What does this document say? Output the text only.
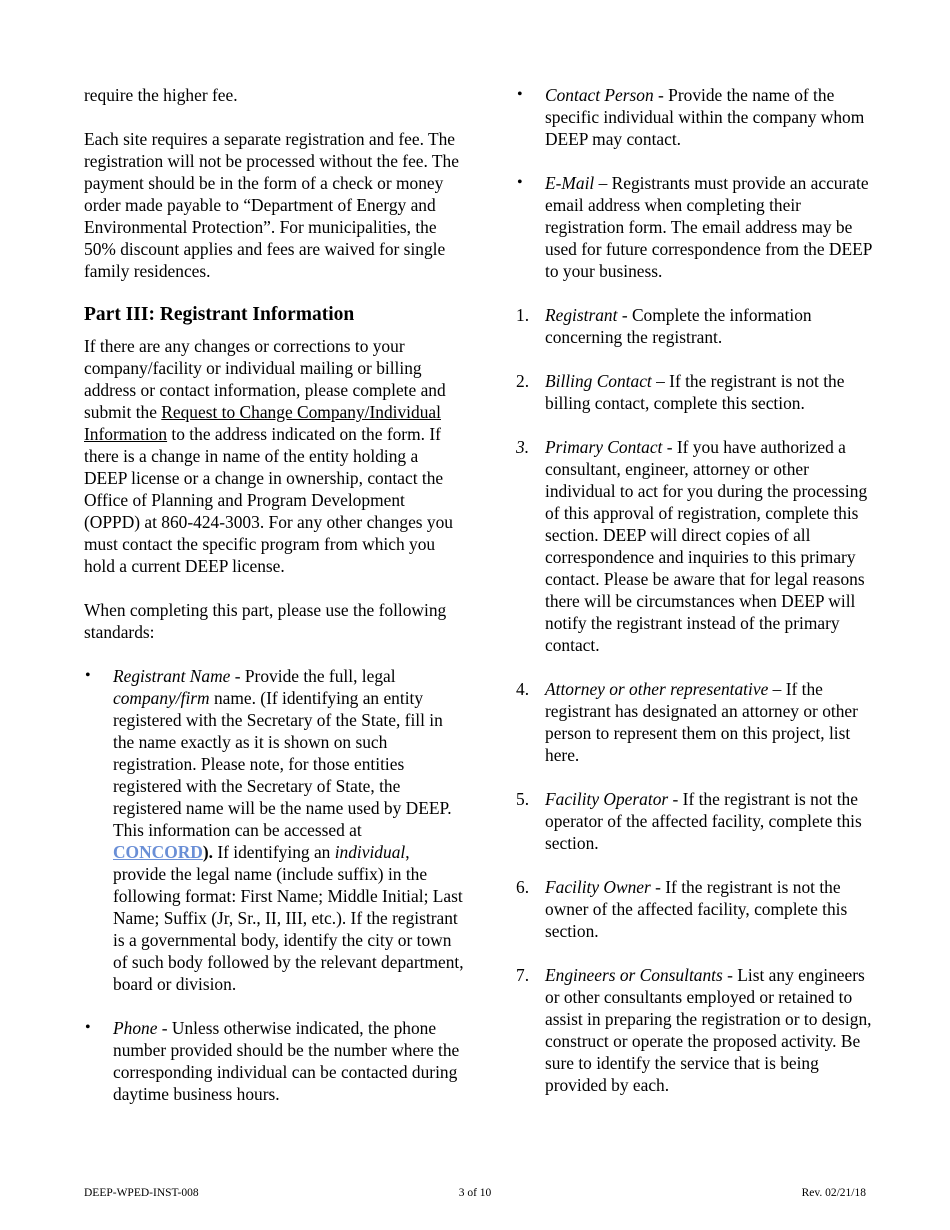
require the higher fee.

Each site requires a separate registration and fee. The registration will not be processed without the fee. The payment should be in the form of a check or money order made payable to “Department of Energy and Environmental Protection”. For municipalities, the 50% discount applies and fees are waived for single family residences.

Part III: Registrant Information

If there are any changes or corrections to your company/facility or individual mailing or billing address or contact information, please complete and submit the Request to Change Company/Individual Information to the address indicated on the form. If there is a change in name of the entity holding a DEEP license or a change in ownership, contact the Office of Planning and Program Development (OPPD) at 860-424-3003. For any other changes you must contact the specific program from which you hold a current DEEP license.

When completing this part, please use the following standards:

• Registrant Name - Provide the full, legal company/firm name. (If identifying an entity registered with the Secretary of the State, fill in the name exactly as it is shown on such registration. Please note, for those entities registered with the Secretary of State, the registered name will be the name used by DEEP. This information can be accessed at CONCORD). If identifying an individual, provide the legal name (include suffix) in the following format: First Name; Middle Initial; Last Name; Suffix (Jr, Sr., II, III, etc.). If the registrant is a governmental body, identify the city or town of such body followed by the relevant department, board or division.
• Phone - Unless otherwise indicated, the phone number provided should be the number where the corresponding individual can be contacted during daytime business hours.
• Contact Person - Provide the name of the specific individual within the company whom DEEP may contact.
• E-Mail – Registrants must provide an accurate email address when completing their registration form. The email address may be used for future correspondence from the DEEP to your business.
1. Registrant - Complete the information concerning the registrant.
2. Billing Contact – If the registrant is not the billing contact, complete this section.
3. Primary Contact - If you have authorized a consultant, engineer, attorney or other individual to act for you during the processing of this approval of registration, complete this section. DEEP will direct copies of all correspondence and inquiries to this primary contact. Please be aware that for legal reasons there will be circumstances when DEEP will notify the registrant instead of the primary contact.
4. Attorney or other representative – If the registrant has designated an attorney or other person to represent them on this project, list here.
5. Facility Operator - If the registrant is not the operator of the affected facility, complete this section.
6. Facility Owner - If the registrant is not the owner of the affected facility, complete this section.
7. Engineers or Consultants - List any engineers or other consultants employed or retained to assist in preparing the registration or to design, construct or operate the proposed activity. Be sure to identify the service that is being provided by each.
3 of 10
DEEP-WPED-INST-008	Rev. 02/21/18
